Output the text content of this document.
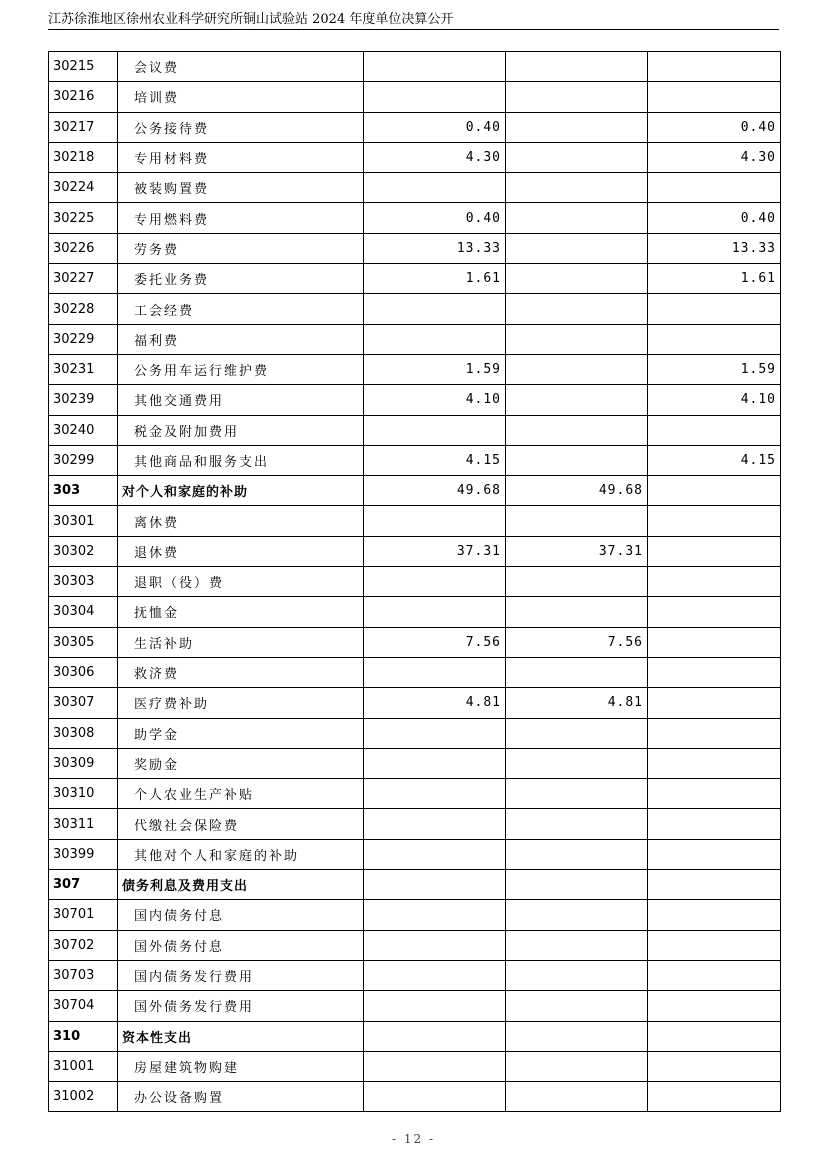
江苏徐淮地区徐州农业科学研究所铜山试验站 2024 年度单位决算公开
30215	会议费			
30216	培训费			
30217	公务接待费	0.40		0.40
30218	专用材料费	4.30		4.30
30224	被装购置费			
30225	专用燃料费	0.40		0.40
30226	劳务费	13.33		13.33
30227	委托业务费	1.61		1.61
30228	工会经费			
30229	福利费			
30231	公务用车运行维护费	1.59		1.59
30239	其他交通费用	4.10		4.10
30240	税金及附加费用			
30299	其他商品和服务支出	4.15		4.15
303	对个人和家庭的补助	49.68	49.68	
30301	离休费			
30302	退休费	37.31	37.31	
30303	退职（役）费			
30304	抚恤金			
30305	生活补助	7.56	7.56	
30306	救济费			
30307	医疗费补助	4.81	4.81	
30308	助学金			
30309	奖励金			
30310	个人农业生产补贴			
30311	代缴社会保险费			
30399	其他对个人和家庭的补助			
307	债务利息及费用支出			
30701	国内债务付息			
30702	国外债务付息			
30703	国内债务发行费用			
30704	国外债务发行费用			
310	资本性支出			
31001	房屋建筑物购建			
31002	办公设备购置			
- 12 -
